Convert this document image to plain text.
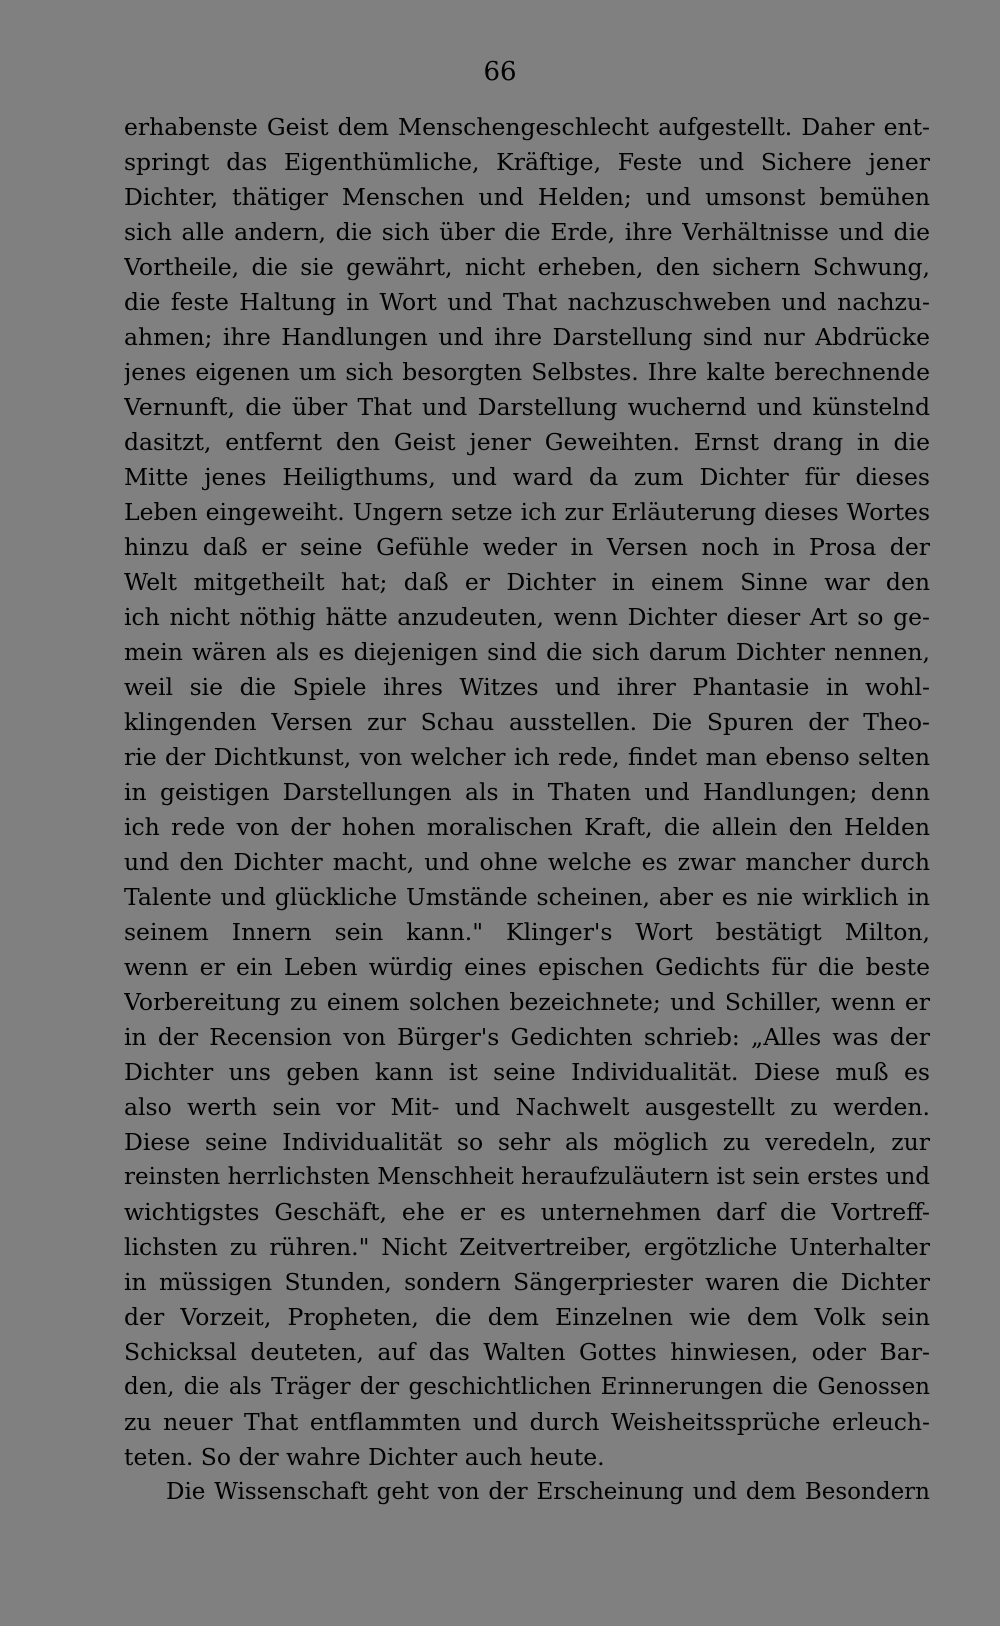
66
erhabenste Geist dem Menschengeschlecht aufgestellt. Daher ent-
springt das Eigenthümliche, Kräftige, Feste und Sichere jener
Dichter, thätiger Menschen und Helden; und umsonst bemühen
sich alle andern, die sich über die Erde, ihre Verhältnisse und die
Vortheile, die sie gewährt, nicht erheben, den sichern Schwung,
die feste Haltung in Wort und That nachzuschweben und nachzu-
ahmen; ihre Handlungen und ihre Darstellung sind nur Abdrücke
jenes eigenen um sich besorgten Selbstes. Ihre kalte berechnende
Vernunft, die über That und Darstellung wuchernd und künstelnd
dasitzt, entfernt den Geist jener Geweihten. Ernst drang in die
Mitte jenes Heiligthums, und ward da zum Dichter für dieses
Leben eingeweiht. Ungern setze ich zur Erläuterung dieses Wortes
hinzu daß er seine Gefühle weder in Versen noch in Prosa der
Welt mitgetheilt hat; daß er Dichter in einem Sinne war den
ich nicht nöthig hätte anzudeuten, wenn Dichter dieser Art so ge-
mein wären als es diejenigen sind die sich darum Dichter nennen,
weil sie die Spiele ihres Witzes und ihrer Phantasie in wohl-
klingenden Versen zur Schau ausstellen. Die Spuren der Theo-
rie der Dichtkunst, von welcher ich rede, findet man ebenso selten
in geistigen Darstellungen als in Thaten und Handlungen; denn
ich rede von der hohen moralischen Kraft, die allein den Helden
und den Dichter macht, und ohne welche es zwar mancher durch
Talente und glückliche Umstände scheinen, aber es nie wirklich in
seinem Innern sein kann." Klinger's Wort bestätigt Milton,
wenn er ein Leben würdig eines epischen Gedichts für die beste
Vorbereitung zu einem solchen bezeichnete; und Schiller, wenn er
in der Recension von Bürger's Gedichten schrieb: „Alles was der
Dichter uns geben kann ist seine Individualität. Diese muß es
also werth sein vor Mit- und Nachwelt ausgestellt zu werden.
Diese seine Individualität so sehr als möglich zu veredeln, zur
reinsten herrlichsten Menschheit heraufzuläutern ist sein erstes und
wichtigstes Geschäft, ehe er es unternehmen darf die Vortreff-
lichsten zu rühren." Nicht Zeitvertreiber, ergötzliche Unterhalter
in müssigen Stunden, sondern Sängerpriester waren die Dichter
der Vorzeit, Propheten, die dem Einzelnen wie dem Volk sein
Schicksal deuteten, auf das Walten Gottes hinwiesen, oder Bar-
den, die als Träger der geschichtlichen Erinnerungen die Genossen
zu neuer That entflammten und durch Weisheitssprüche erleuch-
teten. So der wahre Dichter auch heute.
Die Wissenschaft geht von der Erscheinung und dem Besondern
